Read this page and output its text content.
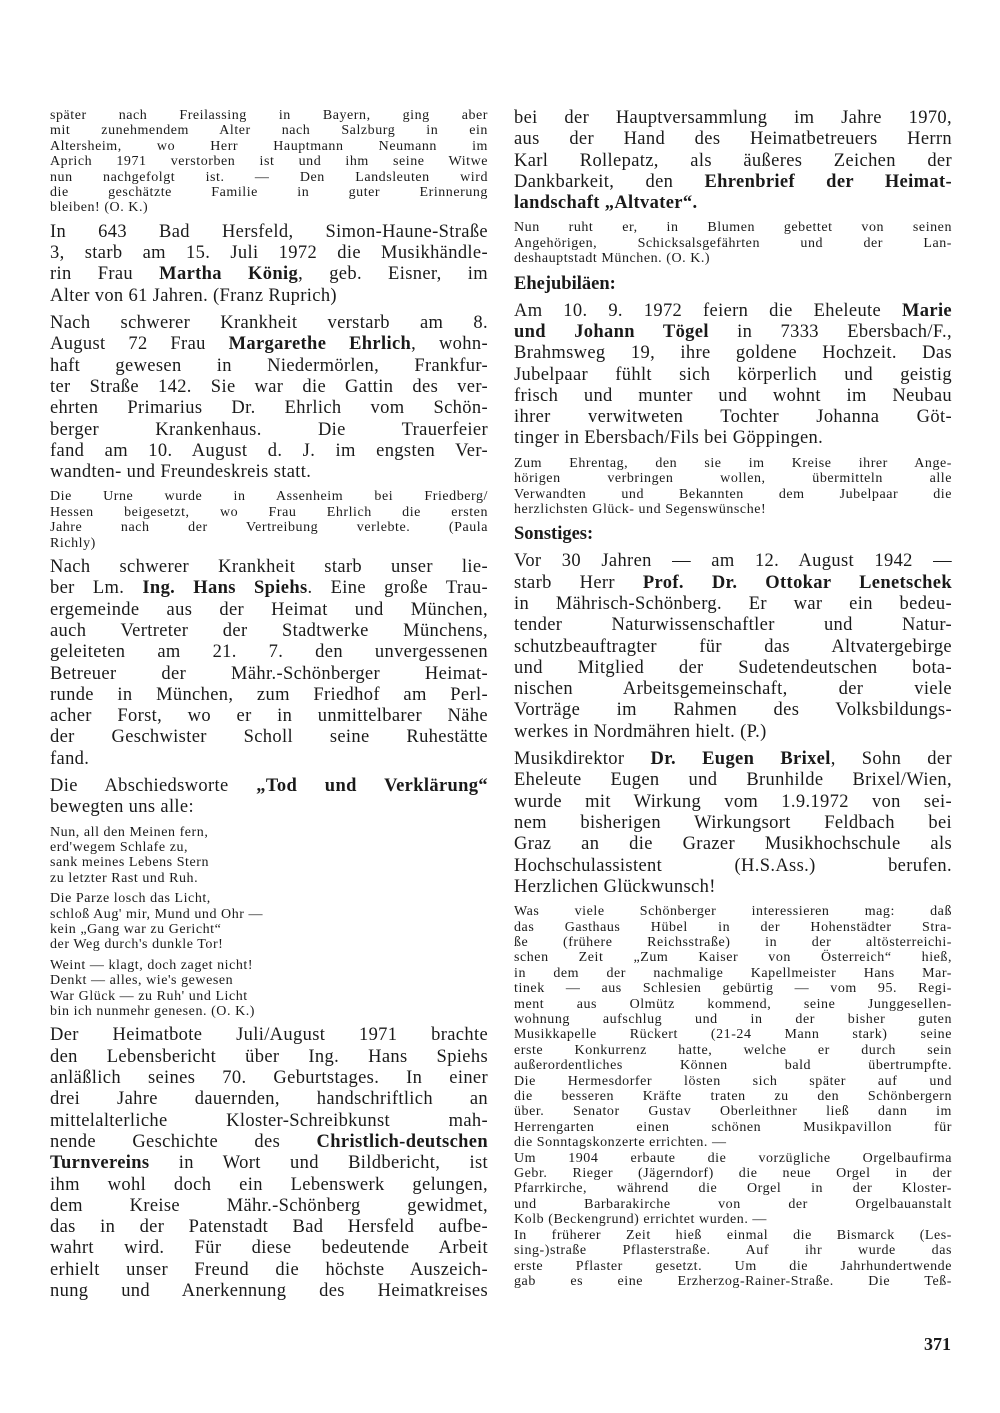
später nach Freilassing in Bayern, ging aber
mit zunehmendem Alter nach Salzburg in ein
Altersheim, wo Herr Hauptmann Neumann im
Aprich 1971 verstorben ist und ihm seine Witwe
nun nachgefolgt ist. — Den Landsleuten wird
die geschätzte Familie in guter Erinnerung
bleiben! (O. K.)
In 643 Bad Hersfeld, Simon-Haune-Straße
3, starb am 15. Juli 1972 die Musikhändle-
rin Frau Martha König, geb. Eisner, im
Alter von 61 Jahren. (Franz Ruprich)
Nach schwerer Krankheit verstarb am 8.
August 72 Frau Margarethe Ehrlich, wohn-
haft gewesen in Niedermörlen, Frankfur-
ter Straße 142. Sie war die Gattin des ver-
ehrten Primarius Dr. Ehrlich vom Schön-
berger Krankenhaus. Die Trauerfeier
fand am 10. August d. J. im engsten Ver-
wandten- und Freundeskreis statt.
Die Urne wurde in Assenheim bei Friedberg/
Hessen beigesetzt, wo Frau Ehrlich die ersten
Jahre nach der Vertreibung verlebte. (Paula
Richly)
Nach schwerer Krankheit starb unser lie-
ber Lm. Ing. Hans Spiehs. Eine große Trau-
ergemeinde aus der Heimat und München,
auch Vertreter der Stadtwerke Münchens,
geleiteten am 21. 7. den unvergessenen
Betreuer der Mähr.-Schönberger Heimat-
runde in München, zum Friedhof am Perl-
acher Forst, wo er in unmittelbarer Nähe
der Geschwister Scholl seine Ruhestätte
fand.
Die Abschiedsworte „Tod und Verklärung“
bewegten uns alle:
Nun, all den Meinen fern,
erd'wegem Schlafe zu,
sank meines Lebens Stern
zu letzter Rast und Ruh.
Die Parze losch das Licht,
schloß Aug' mir, Mund und Ohr —
kein „Gang war zu Gericht“
der Weg durch's dunkle Tor!
Weint — klagt, doch zaget nicht!
Denkt — alles, wie's gewesen
War Glück — zu Ruh' und Licht
bin ich nunmehr genesen. (O. K.)
Der Heimatbote Juli/August 1971 brachte
den Lebensbericht über Ing. Hans Spiehs
anläßlich seines 70. Geburtstages. In einer
drei Jahre dauernden, handschriftlich an
mittelalterliche Kloster-Schreibkunst mah-
nende Geschichte des Christlich-deutschen
Turnvereins in Wort und Bildbericht, ist
ihm wohl doch ein Lebenswerk gelungen,
dem Kreise Mähr.-Schönberg gewidmet,
das in der Patenstadt Bad Hersfeld aufbe-
wahrt wird. Für diese bedeutende Arbeit
erhielt unser Freund die höchste Auszeich-
nung und Anerkennung des Heimatkreises
bei der Hauptversammlung im Jahre 1970,
aus der Hand des Heimatbetreuers Herrn
Karl Rollepatz, als äußeres Zeichen der
Dankbarkeit, den Ehrenbrief der Heimat-
landschaft „Altvater“.
Nun ruht er, in Blumen gebettet von seinen
Angehörigen, Schicksalsgefährten und der Lan-
deshauptstadt München. (O. K.)
Ehejubiläen:
Am 10. 9. 1972 feiern die Eheleute Marie
und Johann Tögel in 7333 Ebersbach/F.,
Brahmsweg 19, ihre goldene Hochzeit. Das
Jubelpaar fühlt sich körperlich und geistig
frisch und munter und wohnt im Neubau
ihrer verwitweten Tochter Johanna Göt-
tinger in Ebersbach/Fils bei Göppingen.
Zum Ehrentag, den sie im Kreise ihrer Ange-
hörigen verbringen wollen, übermitteln alle
Verwandten und Bekannten dem Jubelpaar die
herzlichsten Glück- und Segenswünsche!
Sonstiges:
Vor 30 Jahren — am 12. August 1942 —
starb Herr Prof. Dr. Ottokar Lenetschek
in Mährisch-Schönberg. Er war ein bedeu-
tender Naturwissenschaftler und Natur-
schutzbeauftragter für das Altvatergebirge
und Mitglied der Sudetendeutschen bota-
nischen Arbeitsgemeinschaft, der viele
Vorträge im Rahmen des Volksbildungs-
werkes in Nordmähren hielt. (P.)
Musikdirektor Dr. Eugen Brixel, Sohn der
Eheleute Eugen und Brunhilde Brixel/Wien,
wurde mit Wirkung vom 1.9.1972 von sei-
nem bisherigen Wirkungsort Feldbach bei
Graz an die Grazer Musikhochschule als
Hochschulassistent (H.S.Ass.) berufen.
Herzlichen Glückwunsch!
Was viele Schönberger interessieren mag: daß
das Gasthaus Hübel in der Hohenstädter Stra-
ße (frühere Reichsstraße) in der altösterreichi-
schen Zeit „Zum Kaiser von Österreich“ hieß,
in dem der nachmalige Kapellmeister Hans Mar-
tinek — aus Schlesien gebürtig — vom 95. Regi-
ment aus Olmütz kommend, seine Junggesellen-
wohnung aufschlug und in der bisher guten
Musikkapelle Rückert (21-24 Mann stark) seine
erste Konkurrenz hatte, welche er durch sein
außerordentliches Können bald übertrumpfte.
Die Hermesdorfer lösten sich später auf und
die besseren Kräfte traten zu den Schönbergern
über. Senator Gustav Oberleithner ließ dann im
Herrengarten einen schönen Musikpavillon für
die Sonntagskonzerte errichten. —
Um 1904 erbaute die vorzügliche Orgelbaufirma
Gebr. Rieger (Jägerndorf) die neue Orgel in der
Pfarrkirche, während die Orgel in der Kloster-
und Barbarakirche von der Orgelbauanstalt
Kolb (Beckengrund) errichtet wurden. —
In früherer Zeit hieß einmal die Bismarck (Les-
sing-)straße Pflasterstraße. Auf ihr wurde das
erste Pflaster gesetzt. Um die Jahrhundertwende
gab es eine Erzherzog-Rainer-Straße. Die Teß-
371
